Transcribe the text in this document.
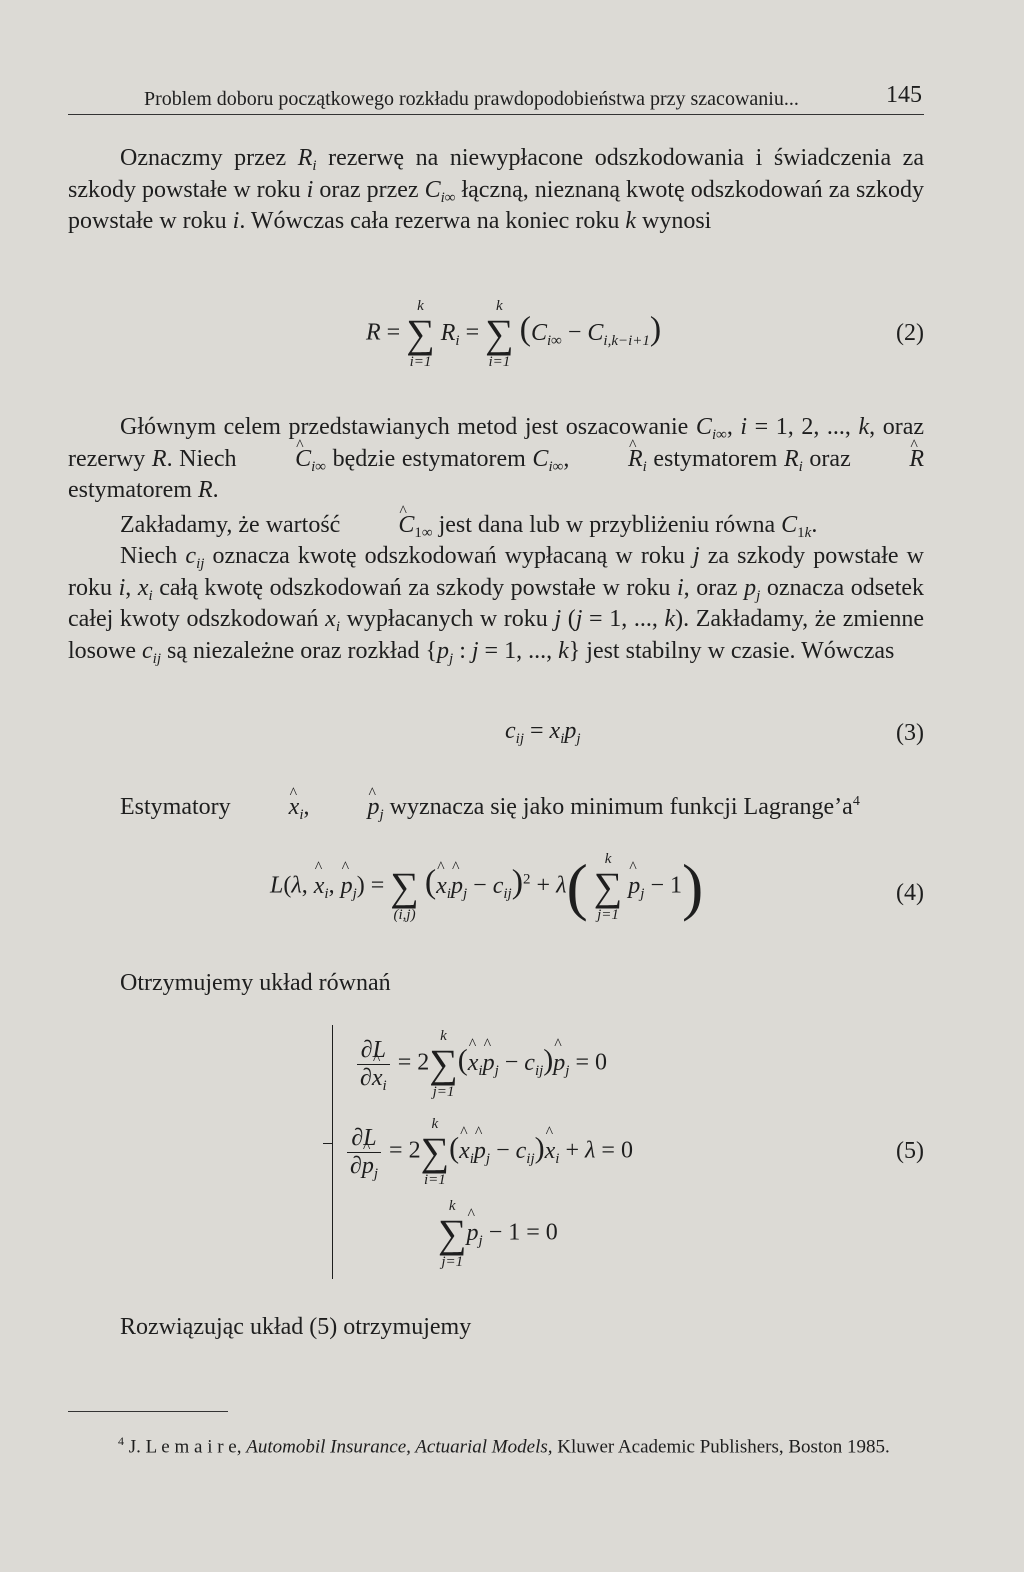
Problem doboru początkowego rozkładu prawdopodobieństwa przy szacowaniu...	145

Oznaczmy przez $R_i$ rezerwę na niewypłacone odszkodowania i świadczenia za szkody powstałe w roku i oraz przez $C_{i\infty}$ łączną, nieznaną kwotę odszkodowań za szkody powstałe w roku i. Wówczas cała rezerwa na koniec roku k wynosi

R =
k
∑
i=1
$R_i$ =
k
∑
i=1
$(C_{i\infty} - C_{i,k-i+1})$	(2)

Głównym celem przedstawianych metod jest oszacowanie $C_{i\infty}$, i = 1, 2, ..., k, oraz rezerwy R. Niech ^ $C_{i\infty}$ będzie estymatorem $C_{i\infty}$, ^ $R_i$ estymatorem $R_i$ oraz ^ R estymatorem R.

Zakładamy, że wartość ^ $C_{1\infty}$ jest dana lub w przybliżeniu równa $C_{1k}$.

Niech $c_{ij}$ oznacza kwotę odszkodowań wypłacaną w roku j za szkody powstałe w roku i, $x_i$ całą kwotę odszkodowań za szkody powstałe w roku i, oraz $p_j$ oznacza odsetek całej kwoty odszkodowań $x_i$ wypłacanych w roku j (j = 1, ..., k). Zakładamy, że zmienne losowe $c_{ij}$ są niezależne oraz rozkład {$p_j$ : j = 1, ..., k} jest stabilny w czasie. Wówczas

$c_{ij} = x_ip_j$	(3)

Estymatory ^ $x_i$, ^ $p_j$ wyznacza się jako minimum funkcji $Lagrange’a^4$

L(λ, ^ $x_i$, ^ $p_j$) =
∑
(i,j)
(^ $x_i\^{}$ $p_j - c_{ij})^2 + \lambda$(	k
∑
j=1
^ $p_j - 1$)	(4)

Otrzymujemy układ równań

$\frac{\partial L}{\partial\^{} x_i} = 2$
k
∑
j=1
(^ $x_i\^{}$ $p_j$ − $c_{ij})\^{}$ $p_j = 0$
$\frac{\partial L}{\partial\^{} p_j} = 2$
k
∑
i=1
(^ $x_i\^{}$ $p_j$ − $c_{ij})\^{}$ $x_i + \lambda = 0$
k
∑
j=1
^ $p_j - 1 = 0$
(5)

Rozwiązując układ (5) otrzymujemy

$^4$ J. L e m a i r e, Automobil Insurance, Actuarial Models, Kluwer Academic Publishers, Boston 1985.
